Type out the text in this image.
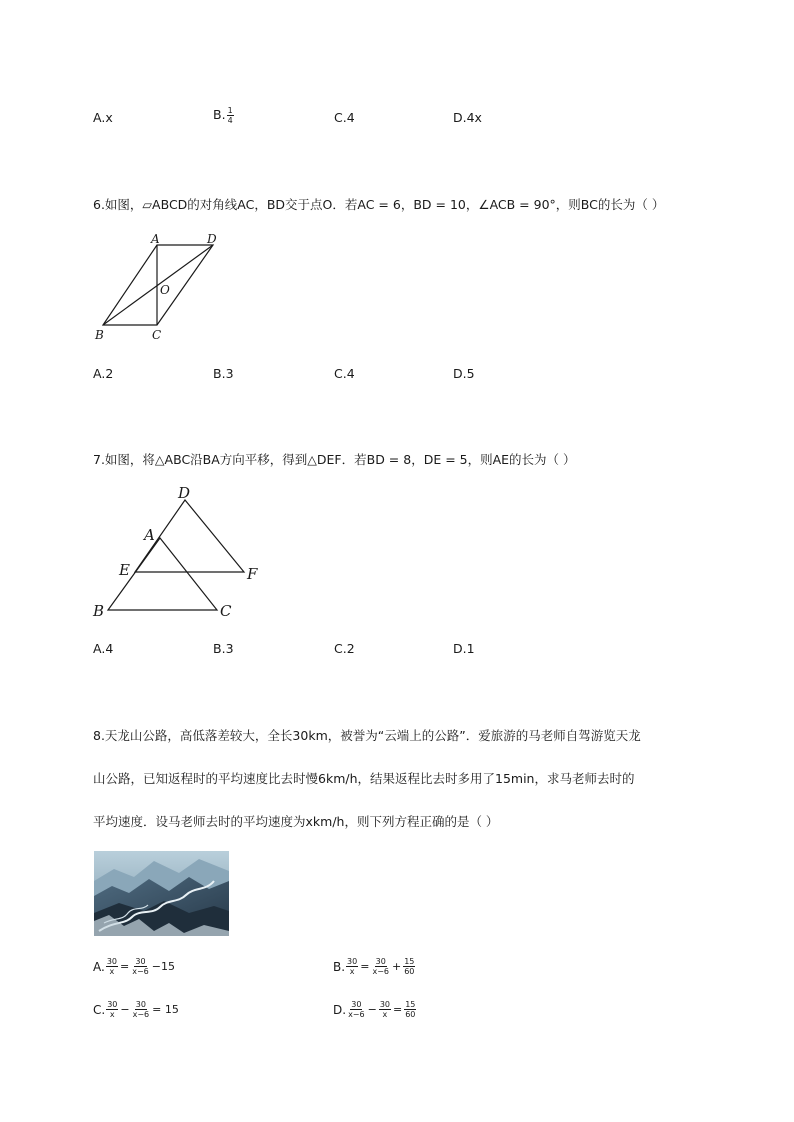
A.x	B. $\frac{1}{4}$	C.4	D.4x
6.如图，▱ABCD的对角线AC，BD交于点O．若AC = 6，BD = 10，∠ACB = 90°，则BC的长为（ ）
A	D
O
B	C
A.2	B.3	C.4	D.5
7.如图，将△ABC沿BA方向平移，得到△DEF．若BD = 8，DE = 5，则AE的长为（ ）
D
A
E	F
B	C
A.4	B.3	C.2	D.1
8.天龙山公路，高低落差较大，全长30km，被誉为“云端上的公路”．爱旅游的马老师自驾游览天龙
山公路，已知返程时的平均速度比去时慢6km/h，结果返程比去时多用了15min，求马老师去时的
平均速度．设马老师去时的平均速度为xkm/h，则下列方程正确的是（ ）
A. $\frac{30}{x} = \frac{30}{x-6} -15$	B. $\frac{30}{x} = \frac{30}{x-6} + \frac{15}{60}$
C. $\frac{30}{x} - \frac{30}{x-6} = 15$	D. $\frac{30}{x-6} - \frac{30}{x} = \frac{15}{60}$
